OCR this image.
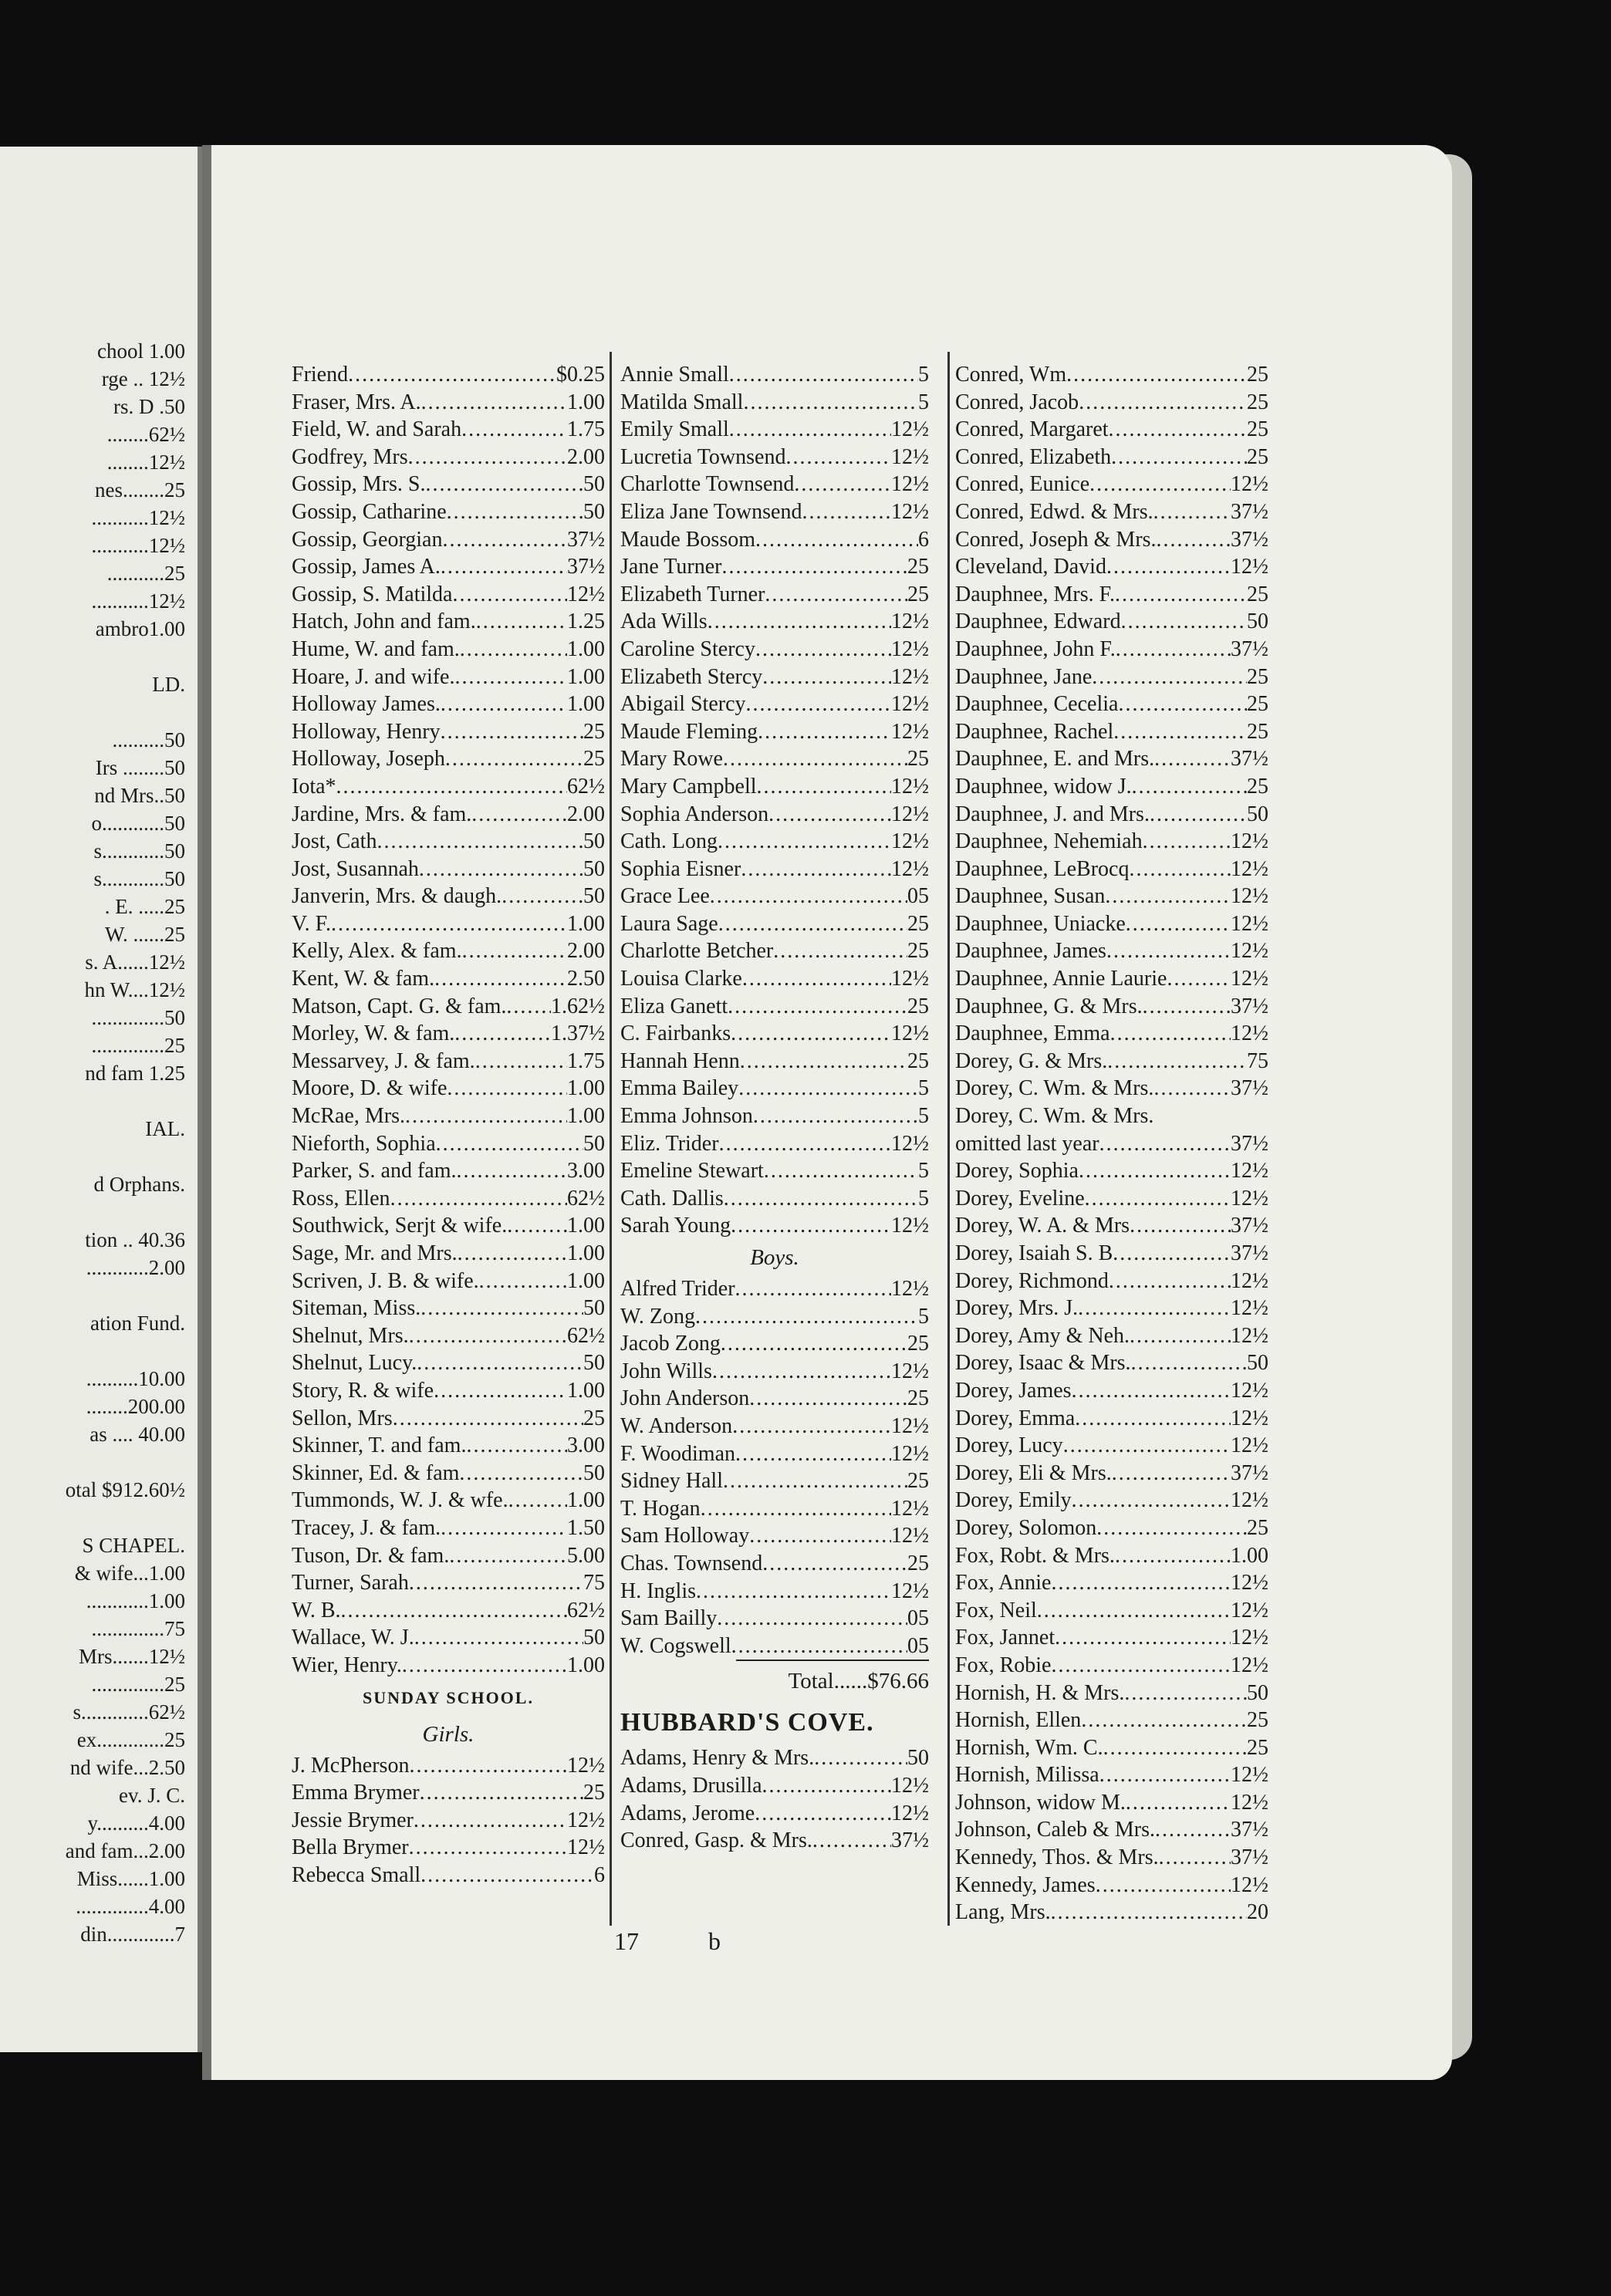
chool 1.00
rge .. 12½
rs. D .50
........62½
........12½
nes........25
...........12½
...........12½
...........25
...........12½
ambro1.00
LD.
..........50
Irs ........50
nd Mrs..50
o............50
s............50
s............50
. E. .....25
W. ......25
s. A......12½
hn W....12½
..............50
..............25
nd fam 1.25
IAL.
d Orphans.
tion .. 40.36
............2.00
ation Fund.
..........10.00
........200.00
as .... 40.00
otal $912.60½
S CHAPEL.
& wife...1.00
............1.00
..............75
Mrs.......12½
..............25
s.............62½
ex.............25
nd wife...2.50
ev. J. C.
y..........4.00
and fam...2.00
Miss......1.00
..............4.00
din.............7
Friend .....	$0.25
Fraser, Mrs. A. .....	1.00
Field, W. and Sarah .....	1.75
Godfrey, Mrs .....	2.00
Gossip, Mrs. S. .....	50
Gossip, Catharine .....	50
Gossip, Georgian .....	37½
Gossip, James A. .....	37½
Gossip, S. Matilda .....	12½
Hatch, John and fam. .....	1.25
Hume, W. and fam. .....	1.00
Hoare, J. and wife. .....	1.00
Holloway James. .....	1.00
Holloway, Henry .....	25
Holloway, Joseph .....	25
Iota* .....	62½
Jardine, Mrs. & fam. .....	2.00
Jost, Cath .....	50
Jost, Susannah .....	50
Janverin, Mrs. & daugh. .....	50
V. F. .....	1.00
Kelly, Alex. & fam. .....	2.00
Kent, W. & fam. .....	2.50
Matson, Capt. G. & fam. ..... 1.62½
Morley, W. & fam. .....	1.37½
Messarvey, J. & fam. .....	1.75
Moore, D. & wife .....	1.00
McRae, Mrs. .....	1.00
Nieforth, Sophia .....	50
Parker, S. and fam. .....	3.00
Ross, Ellen .....	62½
Southwick, Serjt & wife. .....	1.00
Sage, Mr. and Mrs. .....	1.00
Scriven, J. B. & wife. .....	1.00
Siteman, Miss. .....	50
Shelnut, Mrs. .....	62½
Shelnut, Lucy. .....	50
Story, R. & wife .....	1.00
Sellon, Mrs .....	25
Skinner, T. and fam. .....	3.00
Skinner, Ed. & fam .....	50
Tummonds, W. J. & wfe. .....	1.00
Tracey, J. & fam. .....	1.50
Tuson, Dr. & fam. .....	5.00
Turner, Sarah .....	75
W. B. .....	62½
Wallace, W. J. .....	50
Wier, Henry. .....	1.00
SUNDAY SCHOOL.
Girls.
J. McPherson .....	12½
Emma Brymer .....	25
Jessie Brymer .....	12½
Bella Brymer .....	12½
Rebecca Small .....	6
Annie Small .....	5
Matilda Small .....	5
Emily Small .....	12½
Lucretia Townsend .....	12½
Charlotte Townsend .....	12½
Eliza Jane Townsend .....	12½
Maude Bossom .....	6
Jane Turner .....	25
Elizabeth Turner .....	25
Ada Wills .....	12½
Caroline Stercy .....	12½
Elizabeth Stercy .....	12½
Abigail Stercy .....	12½
Maude Fleming .....	12½
Mary Rowe .....	25
Mary Campbell .....	12½
Sophia Anderson .....	12½
Cath. Long .....	12½
Sophia Eisner .....	12½
Grace Lee .....	05
Laura Sage .....	25
Charlotte Betcher .....	25
Louisa Clarke .....	12½
Eliza Ganett .....	25
C. Fairbanks .....	12½
Hannah Henn .....	25
Emma Bailey .....	5
Emma Johnson .....	5
Eliz. Trider .....	12½
Emeline Stewart .....	5
Cath. Dallis .....	5
Sarah Young .....	12½
Boys.
Alfred Trider .....	12½
W. Zong .....	5
Jacob Zong .....	25
John Wills .....	12½
John Anderson .....	25
W. Anderson .....	12½
F. Woodiman .....	12½
Sidney Hall .....	25
T. Hogan .....	12½
Sam Holloway .....	12½
Chas. Townsend .....	25
H. Inglis .....	12½
Sam Bailly .....	05
W. Cogswell .....	05
Total......$76.66
HUBBARD'S COVE.
Adams, Henry & Mrs. .....	50
Adams, Drusilla .....	12½
Adams, Jerome .....	12½
Conred, Gasp. & Mrs. .....	37½
Conred, Wm .....	25
Conred, Jacob .....	25
Conred, Margaret .....	25
Conred, Elizabeth .....	25
Conred, Eunice .....	12½
Conred, Edwd. & Mrs. .....	37½
Conred, Joseph & Mrs. .....	37½
Cleveland, David .....	12½
Dauphnee, Mrs. F. .....	25
Dauphnee, Edward .....	50
Dauphnee, John F. .....	37½
Dauphnee, Jane .....	25
Dauphnee, Cecelia .....	25
Dauphnee, Rachel .....	25
Dauphnee, E. and Mrs. .....	37½
Dauphnee, widow J. .....	25
Dauphnee, J. and Mrs. .....	50
Dauphnee, Nehemiah .....	12½
Dauphnee, LeBrocq .....	12½
Dauphnee, Susan .....	12½
Dauphnee, Uniacke .....	12½
Dauphnee, James .....	12½
Dauphnee, Annie Laurie .....	12½
Dauphnee, G. & Mrs. .....	37½
Dauphnee, Emma .....	12½
Dorey, G. & Mrs. .....	75
Dorey, C. Wm. & Mrs. .....	37½
Dorey, C. Wm. & Mrs.
omitted last year .....	37½
Dorey, Sophia .....	12½
Dorey, Eveline .....	12½
Dorey, W. A. & Mrs .....	37½
Dorey, Isaiah S. B .....	37½
Dorey, Richmond .....	12½
Dorey, Mrs. J. .....	12½
Dorey, Amy & Neh. .....	12½
Dorey, Isaac & Mrs. .....	50
Dorey, James .....	12½
Dorey, Emma .....	12½
Dorey, Lucy .....	12½
Dorey, Eli & Mrs. .....	37½
Dorey, Emily .....	12½
Dorey, Solomon .....	25
Fox, Robt. & Mrs. .....	1.00
Fox, Annie .....	12½
Fox, Neil .....	12½
Fox, Jannet .....	12½
Fox, Robie .....	12½
Hornish, H. & Mrs. .....	50
Hornish, Ellen .....	25
Hornish, Wm. C. .....	25
Hornish, Milissa .....	12½
Johnson, widow M. .....	12½
Johnson, Caleb & Mrs. .....	37½
Kennedy, Thos. & Mrs. .....	37½
Kennedy, James .....	12½
Lang, Mrs. .....	20
17	b
